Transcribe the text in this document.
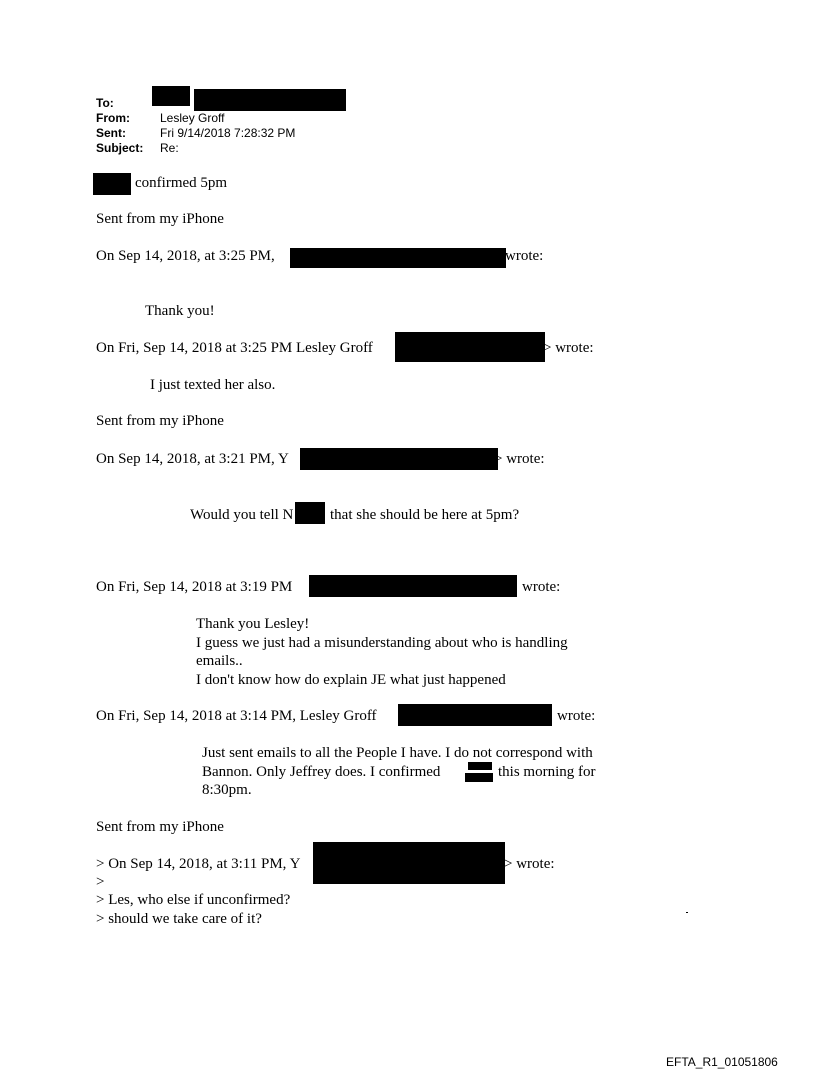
To:
From:	Lesley Groff
Sent:	Fri 9/14/2018 7:28:32 PM
Subject: Re:
confirmed 5pm
Sent from my iPhone
On Sep 14, 2018, at 3:25 PM,	wrote:
Thank you!
On Fri, Sep 14, 2018 at 3:25 PM Lesley Groff	> wrote:
I just texted her also.
Sent from my iPhone
On Sep 14, 2018, at 3:21 PM, Y	> wrote:
Would you tell N that she should be here at 5pm?
On Fri, Sep 14, 2018 at 3:19 PM	wrote:
Thank you Lesley!
I guess we just had a misunderstanding about who is handling
emails..
I don't know how do explain JE what just happened
On Fri, Sep 14, 2018 at 3:14 PM, Lesley Groff	wrote:
Just sent emails to all the People I have. I do not correspond with
Bannon. Only Jeffrey does. I confirmed	this morning for
8:30pm.
Sent from my iPhone
> On Sep 14, 2018, at 3:11 PM, Y	> wrote:
>
> Les, who else if unconfirmed?
> should we take care of it?
EFTA_R1_01051806
